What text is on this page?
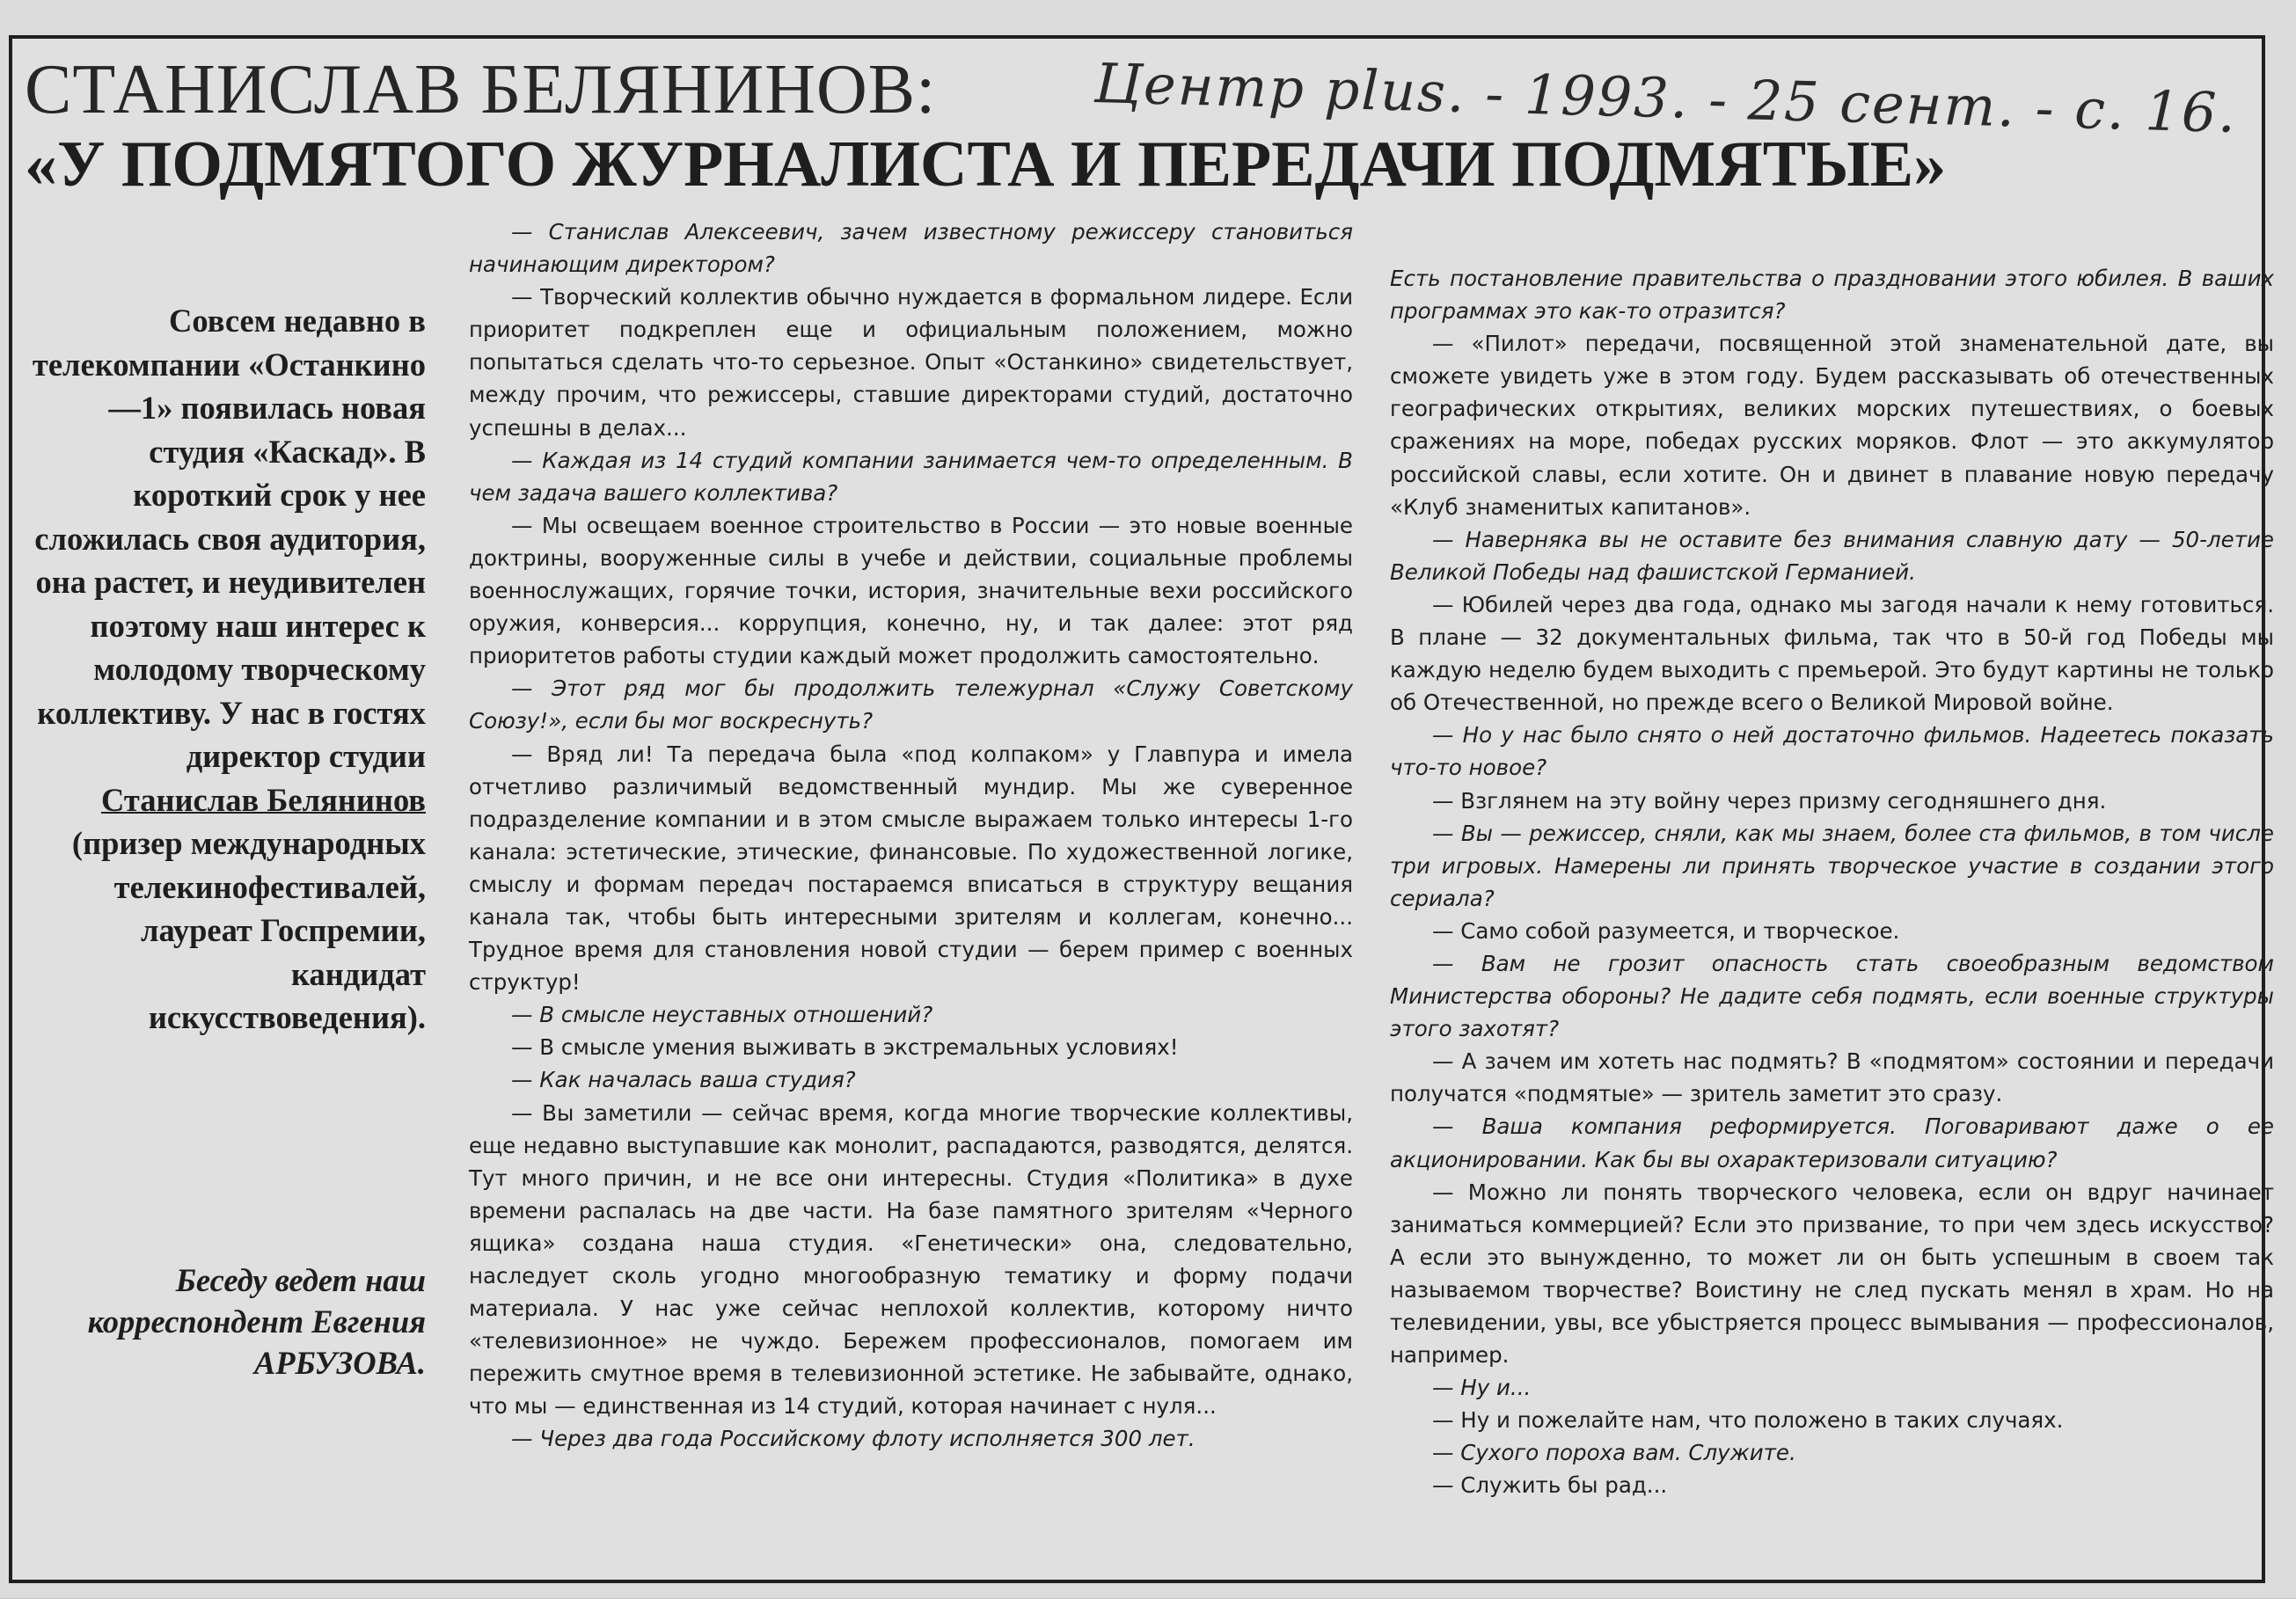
СТАНИСЛАВ БЕЛЯНИНОВ:
«У ПОДМЯТОГО ЖУРНАЛИСТА И ПЕРЕДАЧИ ПОДМЯТЫЕ»
Центр plus. - 1993. - 25 сент. - с. 16.

Совсем недавно в телекомпании «Останкино—1» появилась новая студия «Каскад». В короткий срок у нее сложилась своя аудитория, она растет, и неудивителен поэтому наш интерес к молодому творческому коллективу. У нас в гостях директор студии Станислав Белянинов (призер международных телекинофестивалей, лауреат Госпремии, кандидат искусствоведения).

Беседу ведет наш корреспондент Евгения АРБУЗОВА.

— Станислав Алексеевич, зачем известному режиссеру становиться начинающим директором?

— Творческий коллектив обычно нуждается в формальном лидере. Если приоритет подкреплен еще и официальным положением, можно попытаться сделать что-то серьезное. Опыт «Останкино» свидетельствует, между прочим, что режиссеры, ставшие директорами студий, достаточно успешны в делах...

— Каждая из 14 студий компании занимается чем-то определенным. В чем задача вашего коллектива?

— Мы освещаем военное строительство в России — это новые военные доктрины, вооруженные силы в учебе и действии, социальные проблемы военнослужащих, горячие точки, история, значительные вехи российского оружия, конверсия... коррупция, конечно, ну, и так далее: этот ряд приоритетов работы студии каждый может продолжить самостоятельно.

— Этот ряд мог бы продолжить тележурнал «Служу Советскому Союзу!», если бы мог воскреснуть?

— Вряд ли! Та передача была «под колпаком» у Главпура и имела отчетливо различимый ведомственный мундир. Мы же суверенное подразделение компании и в этом смысле выражаем только интересы 1-го канала: эстетические, этические, финансовые. По художественной логике, смыслу и формам передач постараемся вписаться в структуру вещания канала так, чтобы быть интересными зрителям и коллегам, конечно... Трудное время для становления новой студии — берем пример с военных структур!

— В смысле неуставных отношений?

— В смысле умения выживать в экстремальных условиях!

— Как началась ваша студия?

— Вы заметили — сейчас время, когда многие творческие коллективы, еще недавно выступавшие как монолит, распадаются, разводятся, делятся. Тут много причин, и не все они интересны. Студия «Политика» в духе времени распалась на две части. На базе памятного зрителям «Черного ящика» создана наша студия. «Генетически» она, следовательно, наследует сколь угодно многообразную тематику и форму подачи материала. У нас уже сейчас неплохой коллектив, которому ничто «телевизионное» не чуждо. Бережем профессионалов, помогаем им пережить смутное время в телевизионной эстетике. Не забывайте, однако, что мы — единственная из 14 студий, которая начинает с нуля...

— Через два года Российскому флоту исполняется 300 лет.

Есть постановление правительства о праздновании этого юбилея. В ваших программах это как-то отразится?

— «Пилот» передачи, посвященной этой знаменательной дате, вы сможете увидеть уже в этом году. Будем рассказывать об отечественных географических открытиях, великих морских путешествиях, о боевых сражениях на море, победах русских моряков. Флот — это аккумулятор российской славы, если хотите. Он и двинет в плавание новую передачу «Клуб знаменитых капитанов».

— Наверняка вы не оставите без внимания славную дату — 50-летие Великой Победы над фашистской Германией.

— Юбилей через два года, однако мы загодя начали к нему готовиться. В плане — 32 документальных фильма, так что в 50-й год Победы мы каждую неделю будем выходить с премьерой. Это будут картины не только об Отечественной, но прежде всего о Великой Мировой войне.

— Но у нас было снято о ней достаточно фильмов. Надеетесь показать что-то новое?

— Взглянем на эту войну через призму сегодняшнего дня.

— Вы — режиссер, сняли, как мы знаем, более ста фильмов, в том числе три игровых. Намерены ли принять творческое участие в создании этого сериала?

— Само собой разумеется, и творческое.

— Вам не грозит опасность стать своеобразным ведомством Министерства обороны? Не дадите себя подмять, если военные структуры этого захотят?

— А зачем им хотеть нас подмять? В «подмятом» состоянии и передачи получатся «подмятые» — зритель заметит это сразу.

— Ваша компания реформируется. Поговаривают даже о ее акционировании. Как бы вы охарактеризовали ситуацию?

— Можно ли понять творческого человека, если он вдруг начинает заниматься коммерцией? Если это призвание, то при чем здесь искусство? А если это вынужденно, то может ли он быть успешным в своем так называемом творчестве? Воистину не след пускать менял в храм. Но на телевидении, увы, все убыстряется процесс вымывания — профессионалов, например.

— Ну и...

— Ну и пожелайте нам, что положено в таких случаях.

— Сухого пороха вам. Служите.

— Служить бы рад...
